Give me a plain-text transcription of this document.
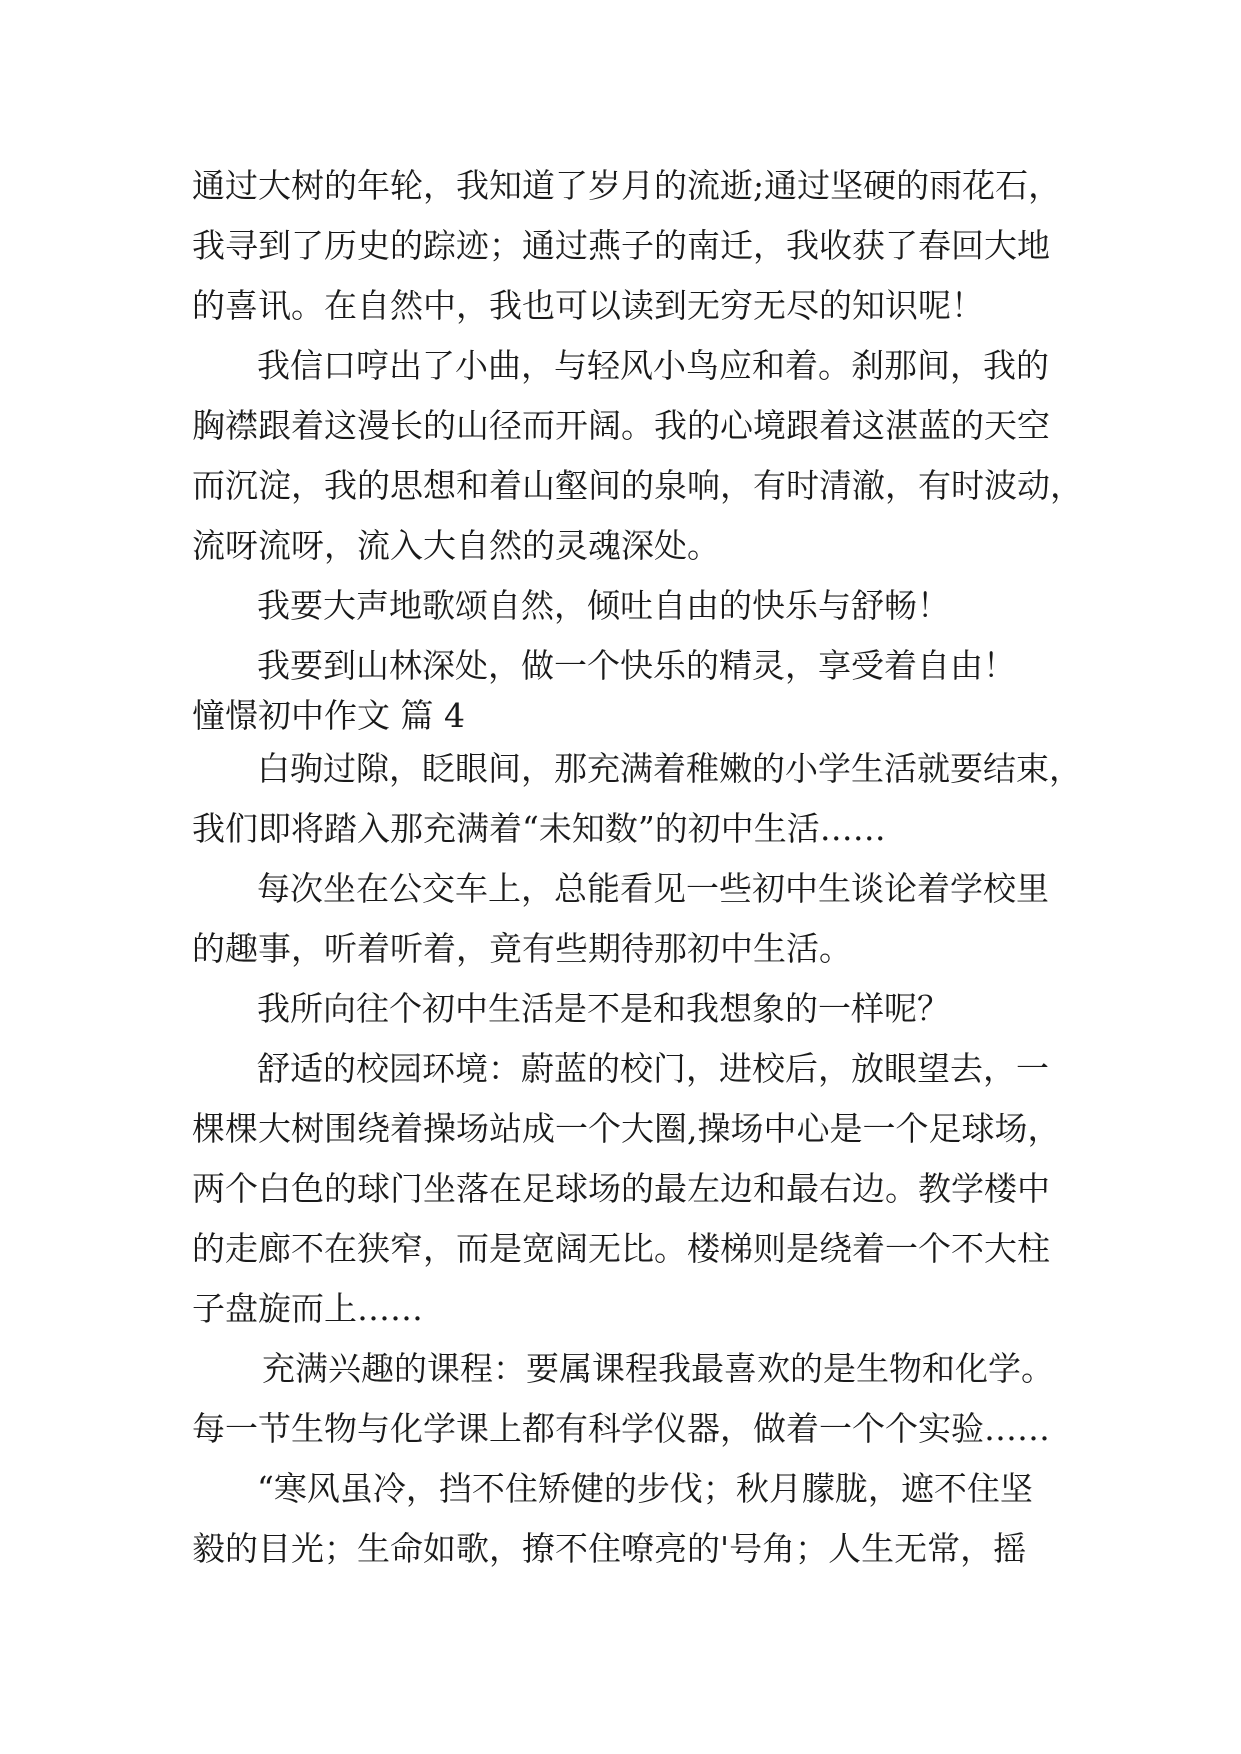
通过大树的年轮，我知道了岁月的流逝;通过坚硬的雨花石，
我寻到了历史的踪迹；通过燕子的南迁，我收获了春回大地
的喜讯。在自然中，我也可以读到无穷无尽的知识呢！
我信口哼出了小曲，与轻风小鸟应和着。刹那间，我的
胸襟跟着这漫长的山径而开阔。我的心境跟着这湛蓝的天空
而沉淀，我的思想和着山壑间的泉响，有时清澈，有时波动，
流呀流呀，流入大自然的灵魂深处。
我要大声地歌颂自然，倾吐自由的快乐与舒畅！
我要到山林深处，做一个快乐的精灵，享受着自由！
憧憬初中作文 篇 4
白驹过隙，眨眼间，那充满着稚嫩的小学生活就要结束，
我们即将踏入那充满着“未知数”的初中生活……
每次坐在公交车上，总能看见一些初中生谈论着学校里
的趣事，听着听着，竟有些期待那初中生活。
我所向往个初中生活是不是和我想象的一样呢？
舒适的校园环境：蔚蓝的校门，进校后，放眼望去，一
棵棵大树围绕着操场站成一个大圈,操场中心是一个足球场，
两个白色的球门坐落在足球场的最左边和最右边。教学楼中
的走廊不在狭窄，而是宽阔无比。楼梯则是绕着一个不大柱
子盘旋而上……
充满兴趣的课程：要属课程我最喜欢的是生物和化学。
每一节生物与化学课上都有科学仪器，做着一个个实验……
“寒风虽冷，挡不住矫健的步伐；秋月朦胧，遮不住坚
毅的目光；生命如歌，撩不住嘹亮的'号角；人生无常，摇
